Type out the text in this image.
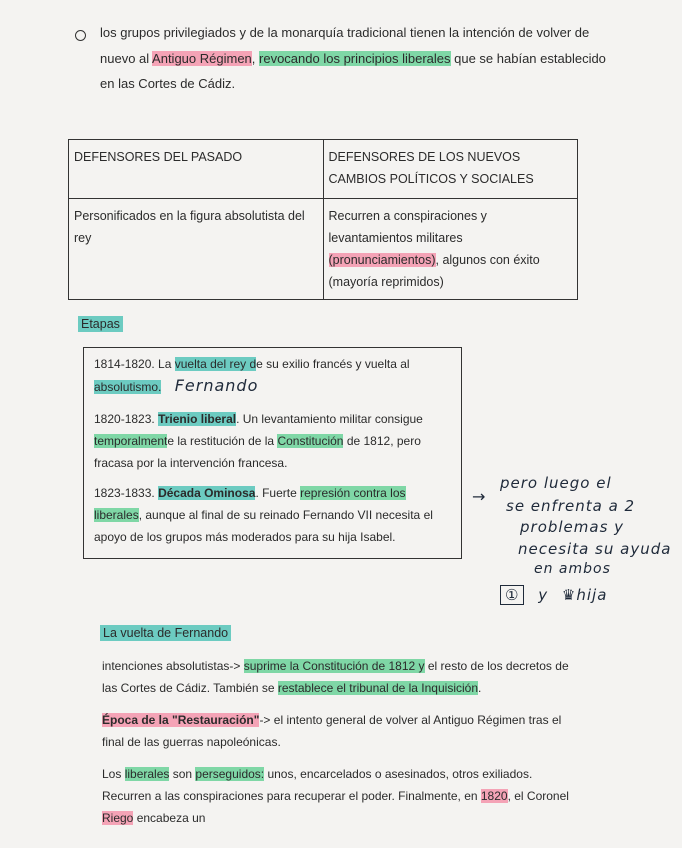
los grupos privilegiados y de la monarquía tradicional tienen la intención de volver de
nuevo al Antiguo Régimen, revocando los principios liberales que se habían establecido
en las Cortes de Cádiz.
DEFENSORES DEL PASADO	DEFENSORES DE LOS NUEVOS CAMBIOS POLÍTICOS Y SOCIALES
Personificados en la figura absolutista del rey	Recurren a conspiraciones y levantamientos militares (pronunciamientos), algunos con éxito (mayoría reprimidos)
Etapas
1814-1820. La vuelta del rey de su exilio francés y vuelta al absolutismo. Fernando
1820-1823. Trienio liberal. Un levantamiento militar consigue temporalmente la restitución de la Constitución de 1812, pero fracasa por la intervención francesa.
1823-1833. Década Ominosa. Fuerte represión contra los liberales, aunque al final de su reinado Fernando VII necesita el apoyo de los grupos más moderados para su hija Isabel.
→
pero luego el
se enfrenta a 2
problemas y
necesita su ayuda
en ambos
① y ♛hija
La vuelta de Fernando
intenciones absolutistas-> suprime la Constitución de 1812 y el resto de los decretos de las Cortes de Cádiz. También se restablece el tribunal de la Inquisición.
Época de la "Restauración"-> el intento general de volver al Antiguo Régimen tras el final de las guerras napoleónicas.
Los liberales son perseguidos: unos, encarcelados o asesinados, otros exiliados. Recurren a las conspiraciones para recuperar el poder. Finalmente, en 1820, el Coronel Riego encabeza un
